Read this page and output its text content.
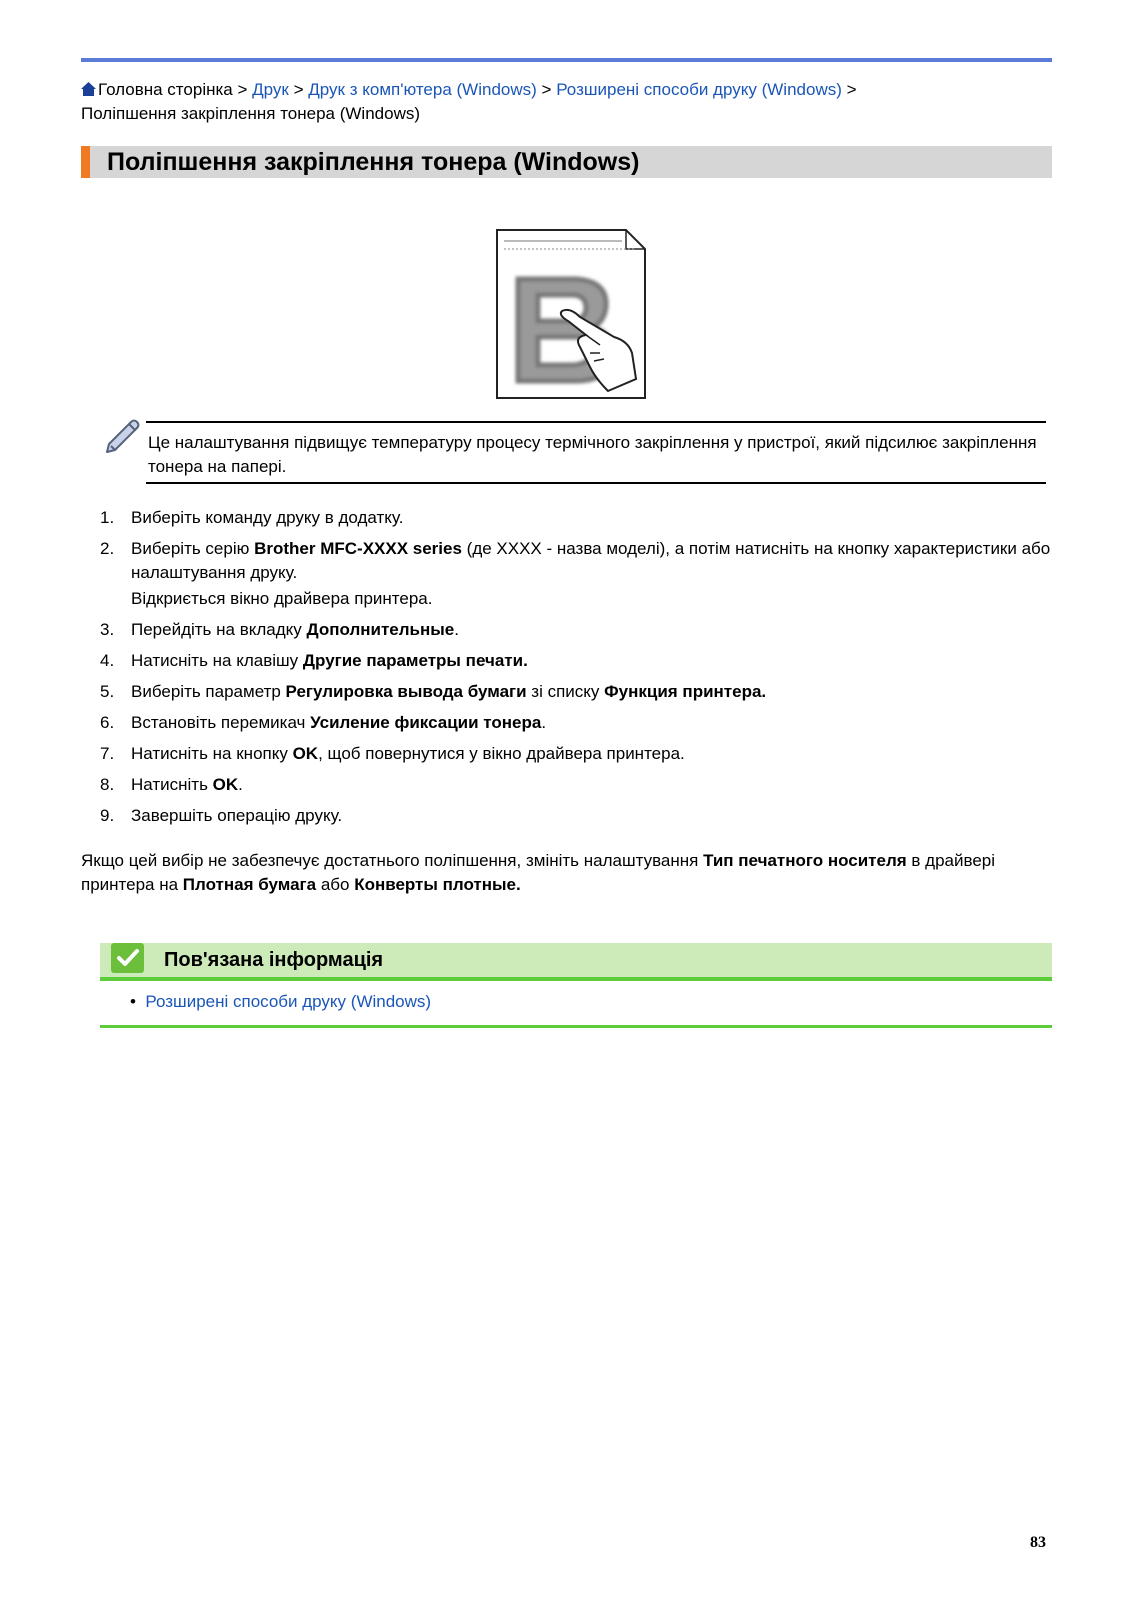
Головна сторінка > Друк > Друк з комп'ютера (Windows) > Розширені способи друку (Windows) >
Поліпшення закріплення тонера (Windows)
Поліпшення закріплення тонера (Windows)
Це налаштування підвищує температуру процесу термічного закріплення у пристрої, який підсилює закріплення тонера на папері.
1. Виберіть команду друку в додатку.
2. Виберіть серію Brother MFC-XXXX series (де XXXX - назва моделі), а потім натисніть на кнопку характеристики або налаштування друку.
Відкриється вікно драйвера принтера.
3. Перейдіть на вкладку Дополнительные.
4. Натисніть на клавішу Другие параметры печати.
5. Виберіть параметр Регулировка вывода бумаги зі списку Функция принтера.
6. Встановіть перемикач Усиление фиксации тонера.
7. Натисніть на кнопку OK, щоб повернутися у вікно драйвера принтера.
8. Натисніть OK.
9. Завершіть операцію друку.
Якщо цей вибір не забезпечує достатнього поліпшення, змініть налаштування Тип печатного носителя в драйвері принтера на Плотная бумага або Конверты плотные.
Пов'язана інформація
• Розширені способи друку (Windows)
83
